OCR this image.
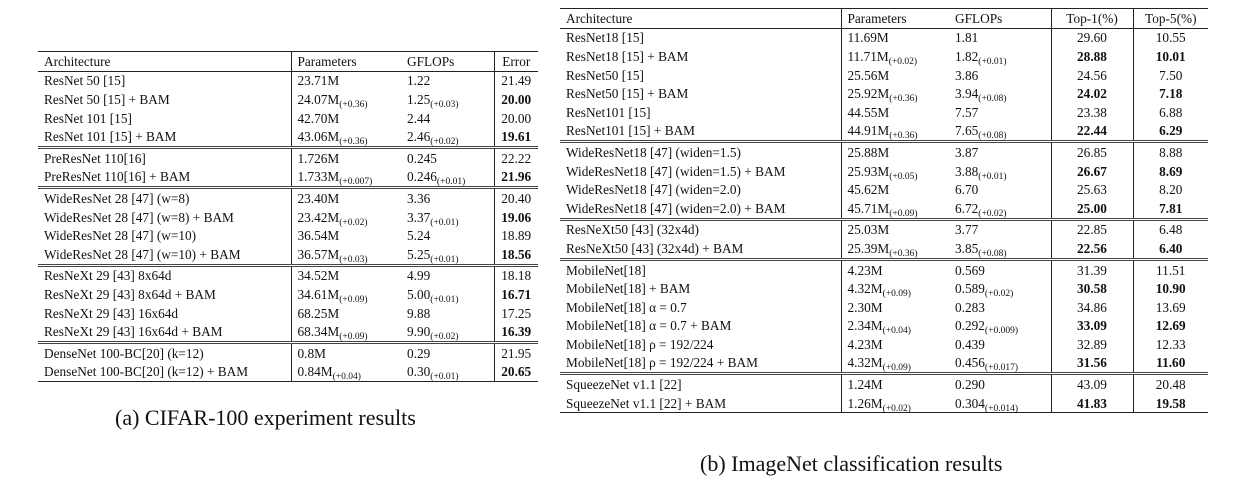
Architecture	Parameters	GFLOPs	Error
ResNet 50 [15]	23.71M	1.22	21.49
ResNet 50 [15] + BAM	$24.07M_{(+0.36)}$	$1.25_{(+0.03)}$	20.00
ResNet 101 [15]	42.70M	2.44	20.00
ResNet 101 [15] + BAM	$43.06M_{(+0.36)}$	$2.46_{(+0.02)}$	19.61
PreResNet 110[16]	1.726M	0.245	22.22
PreResNet 110[16] + BAM	$1.733M_{(+0.007)}$	$0.246_{(+0.01)}$	21.96
WideResNet 28 [47] (w=8)	23.40M	3.36	20.40
WideResNet 28 [47] (w=8) + BAM	$23.42M_{(+0.02)}$	$3.37_{(+0.01)}$	19.06
WideResNet 28 [47] (w=10)	36.54M	5.24	18.89
WideResNet 28 [47] (w=10) + BAM	$36.57M_{(+0.03)}$	$5.25_{(+0.01)}$	18.56
ResNeXt 29 [43] 8x64d	34.52M	4.99	18.18
ResNeXt 29 [43] 8x64d + BAM	$34.61M_{(+0.09)}$	$5.00_{(+0.01)}$	16.71
ResNeXt 29 [43] 16x64d	68.25M	9.88	17.25
ResNeXt 29 [43] 16x64d + BAM	$68.34M_{(+0.09)}$	$9.90_{(+0.02)}$	16.39
DenseNet 100-BC[20] (k=12)	0.8M	0.29	21.95
DenseNet 100-BC[20] (k=12) + BAM	$0.84M_{(+0.04)}$	$0.30_{(+0.01)}$	20.65
(a) CIFAR-100 experiment results
Architecture	Parameters	GFLOPs	Top-1(%)	Top-5(%)
ResNet18 [15]	11.69M	1.81	29.60	10.55
ResNet18 [15] + BAM	$11.71M_{(+0.02)}$	$1.82_{(+0.01)}$	28.88	10.01
ResNet50 [15]	25.56M	3.86	24.56	7.50
ResNet50 [15] + BAM	$25.92M_{(+0.36)}$	$3.94_{(+0.08)}$	24.02	7.18
ResNet101 [15]	44.55M	7.57	23.38	6.88
ResNet101 [15] + BAM	$44.91M_{(+0.36)}$	$7.65_{(+0.08)}$	22.44	6.29
WideResNet18 [47] (widen=1.5)	25.88M	3.87	26.85	8.88
WideResNet18 [47] (widen=1.5) + BAM	$25.93M_{(+0.05)}$	$3.88_{(+0.01)}$	26.67	8.69
WideResNet18 [47] (widen=2.0)	45.62M	6.70	25.63	8.20
WideResNet18 [47] (widen=2.0) + BAM	$45.71M_{(+0.09)}$	$6.72_{(+0.02)}$	25.00	7.81
ResNeXt50 [43] (32x4d)	25.03M	3.77	22.85	6.48
ResNeXt50 [43] (32x4d) + BAM	$25.39M_{(+0.36)}$	$3.85_{(+0.08)}$	22.56	6.40
MobileNet[18]	4.23M	0.569	31.39	11.51
MobileNet[18] + BAM	$4.32M_{(+0.09)}$	$0.589_{(+0.02)}$	30.58	10.90
MobileNet[18] α = 0.7	2.30M	0.283	34.86	13.69
MobileNet[18] α = 0.7 + BAM	$2.34M_{(+0.04)}$	$0.292_{(+0.009)}$	33.09	12.69
MobileNet[18] ρ = 192/224	4.23M	0.439	32.89	12.33
MobileNet[18] ρ = 192/224 + BAM	$4.32M_{(+0.09)}$	$0.456_{(+0.017)}$	31.56	11.60
SqueezeNet v1.1 [22]	1.24M	0.290	43.09	20.48
SqueezeNet v1.1 [22] + BAM	$1.26M_{(+0.02)}$	$0.304_{(+0.014)}$	41.83	19.58
(b) ImageNet classification results
